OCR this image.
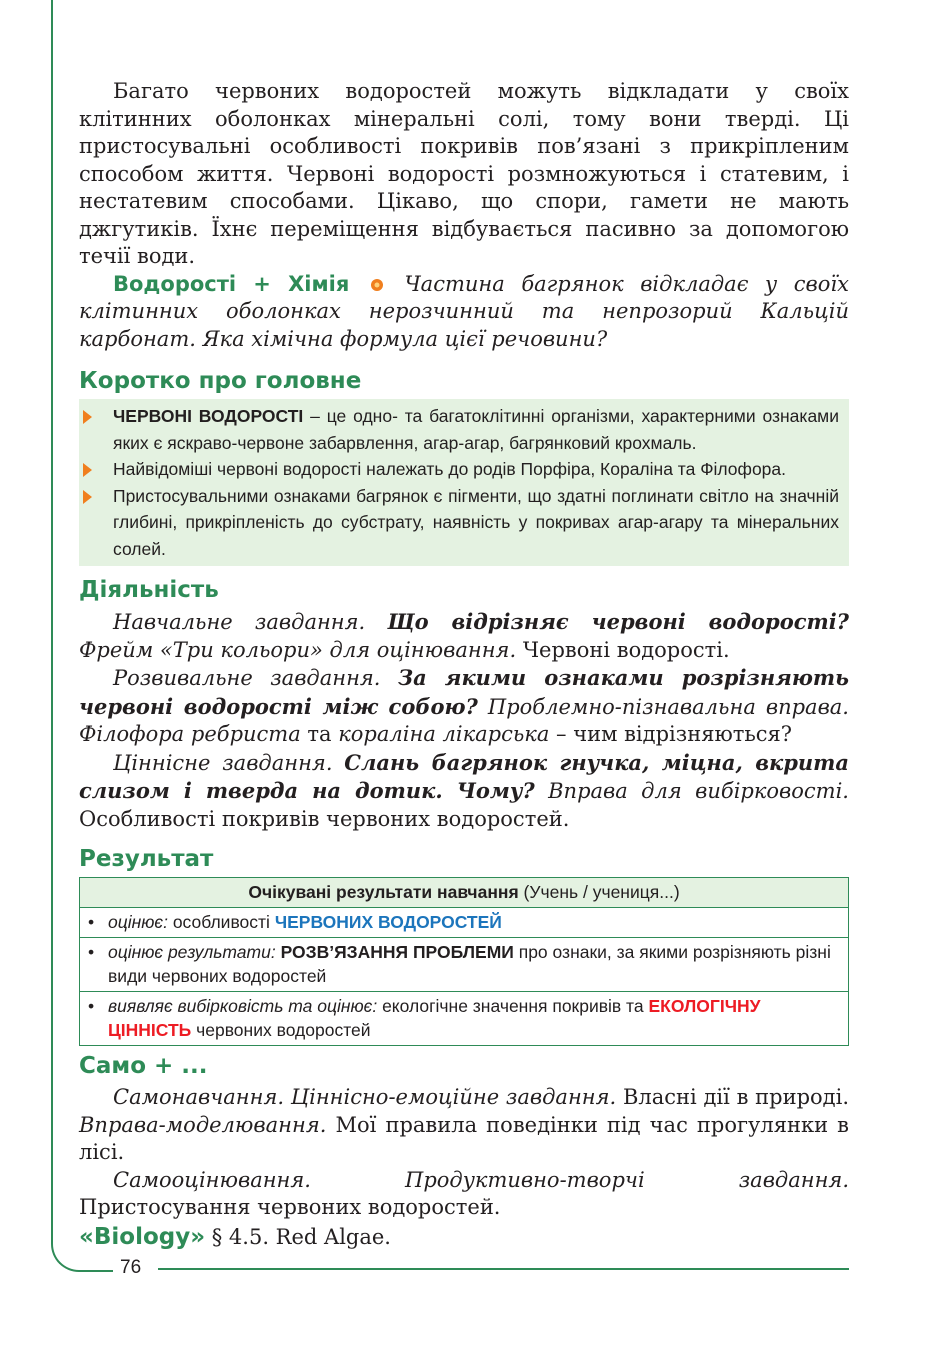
76

Багато червоних водоростей можуть відкладати у своїх клітинних оболонках мінеральні солі, тому вони тверді. Ці пристосувальні особливості покривів пов’язані з прикріпленим способом життя. Червоні водорості розмножуються і статевим, і нестатевим способами. Цікаво, що спори, гамети не мають джгутиків. Їхнє переміщення відбувається пасивно за допомогою течії води.

Водорості + Хімія	Частина багрянок відкладає у своїх клітинних оболонках нерозчинний та непрозорий Кальцій карбонат. Яка хімічна формула цієї речовини?

Коротко про головне
ЧЕРВОНІ ВОДОРОСТІ – це одно- та багатоклітинні організми, характерними ознаками яких є яскраво-червоне забарвлення, агар-агар, багрянковий крохмаль.
Найвідоміші червоні водорості належать до родів Порфіра, Кораліна та Філофора.
Пристосувальними ознаками багрянок є пігменти, що здатні поглинати світло на значній глибині, прикріпленість до субстрату, наявність у покривах агар-агару та мінеральних солей.
Діяльність

Навчальне завдання. Що відрізняє червоні водорості? Фрейм «Три кольори» для оцінювання. Червоні водорості.

Розвивальне завдання. За якими ознаками розрізняють червоні водорості між собою? Проблемно-пізнавальна вправа. Філофора ребриста та кораліна лікарська – чим відрізняються?

Ціннісне завдання. Слань багрянок гнучка, міцна, вкрита слизом і тверда на дотик. Чому? Вправа для вибірковості. Особливості покривів червоних водоростей.

Результат
Очікувані результати навчання (Учень / учениця...)

• оцінює: особливості ЧЕРВОНИХ ВОДОРОСТЕЙ

• оцінює результати: РОЗВ’ЯЗАННЯ ПРОБЛЕМИ про ознаки, за якими розрізняють різні види червоних водоростей

• виявляє вибірковість та оцінює: екологічне значення покривів та ЕКОЛОГІЧНУ ЦІННІСТЬ червоних водоростей
Само + ...

Самонавчання. Ціннісно-емоційне завдання. Власні дії в природі. Вправа-моделювання. Мої правила поведінки під час прогулянки в лісі.

Самооцінювання. Продуктивно-творчі завдання. Пристосування червоних водоростей.

«Biology» § 4.5. Red Algae.
